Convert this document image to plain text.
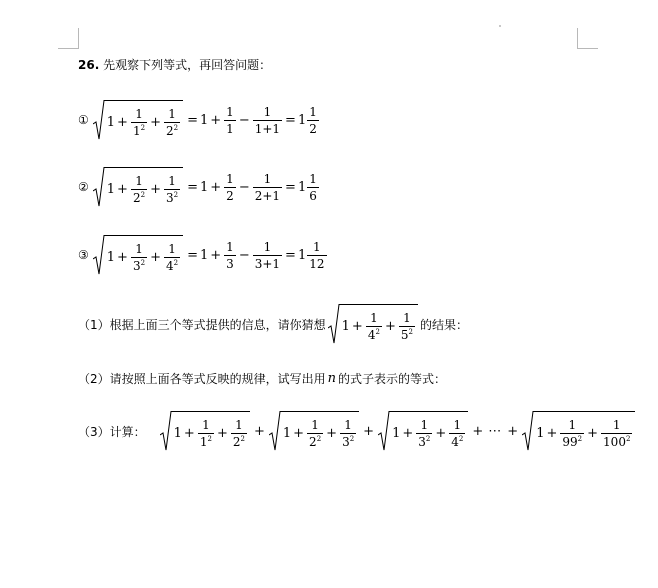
26. 先观察下列等式，再回答问题：
① $1 + \frac{1}{1^2} + \frac{1}{2^2} = 1 + \frac{1}{1} - \frac{1}{1+1} = 1 \frac{1}{2}$
② $1 + \frac{1}{2^2} + \frac{1}{3^2} = 1 + \frac{1}{2} - \frac{1}{2+1} = 1 \frac{1}{6}$
③ $1 + \frac{1}{3^2} + \frac{1}{4^2} = 1 + \frac{1}{3} - \frac{1}{3+1} = 1 \frac{1}{12}$
（1）根据上面三个等式提供的信息，请你猜想 $1 + \frac{1}{4^2} + \frac{1}{5^2}$ 的结果：
（2）请按照上面各等式反映的规律，试写出用 n 的式子表示的等式：
（3）计算： $1 + \frac{1}{1^2} + \frac{1}{2^2} + 1 + \frac{1}{2^2} + \frac{1}{3^2} + 1 + \frac{1}{3^2} + \frac{1}{4^2}$ + ⋯ + $1 + \frac{1}{99^2} + \frac{1}{100^2}$
